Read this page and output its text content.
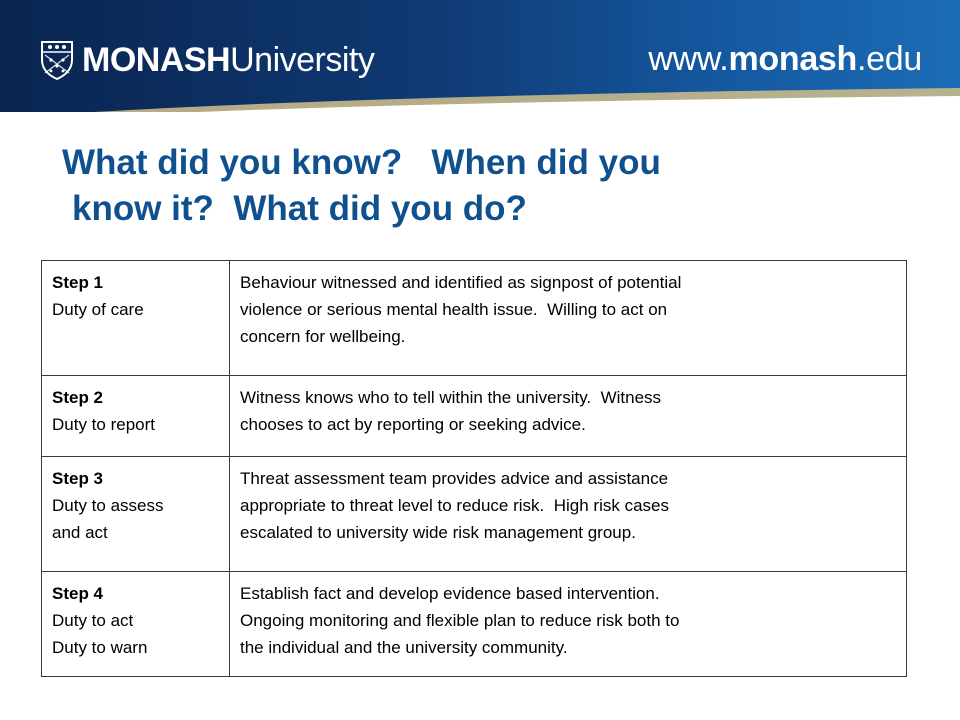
MONASH University	www.monash.edu
What did you know?   When did you
know it?  What did you do?
Step 1
Duty of care	Behaviour witnessed and identified as signpost of potential
violence or serious mental health issue.  Willing to act on
concern for wellbeing.

Step 2
Duty to report	Witness knows who to tell within the university.  Witness
chooses to act by reporting or seeking advice.

Step 3
Duty to assess
and act	Threat assessment team provides advice and assistance
appropriate to threat level to reduce risk.  High risk cases
escalated to university wide risk management group.

Step 4
Duty to act
Duty to warn	Establish fact and develop evidence based intervention.
Ongoing monitoring and flexible plan to reduce risk both to
the individual and the university community.
